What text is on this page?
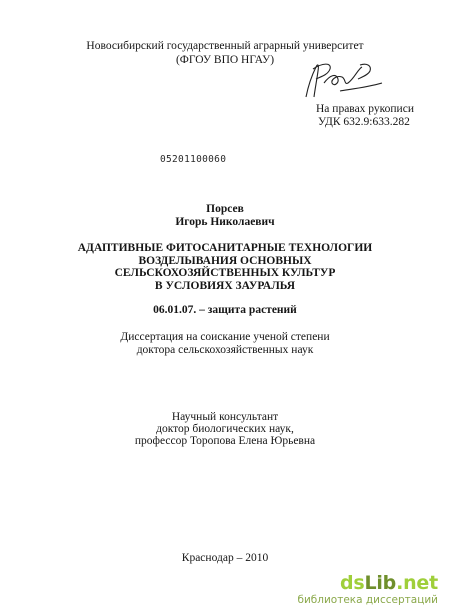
Новосибирский государственный аграрный университет
(ФГОУ ВПО НГАУ)
На правах рукописи
УДК 632.9:633.282
05201100060
Порсев
Игорь Николаевич
АДАПТИВНЫЕ ФИТОСАНИТАРНЫЕ ТЕХНОЛОГИИ
ВОЗДЕЛЫВАНИЯ ОСНОВНЫХ
СЕЛЬСКОХОЗЯЙСТВЕННЫХ КУЛЬТУР
В УСЛОВИЯХ ЗАУРАЛЬЯ
06.01.07. – защита растений
Диссертация на соискание ученой степени
доктора сельскохозяйственных наук
Научный консультант
доктор биологических наук,
профессор Торопова Елена Юрьевна
Краснодар – 2010
dsLib.net
библиотека диссертаций
